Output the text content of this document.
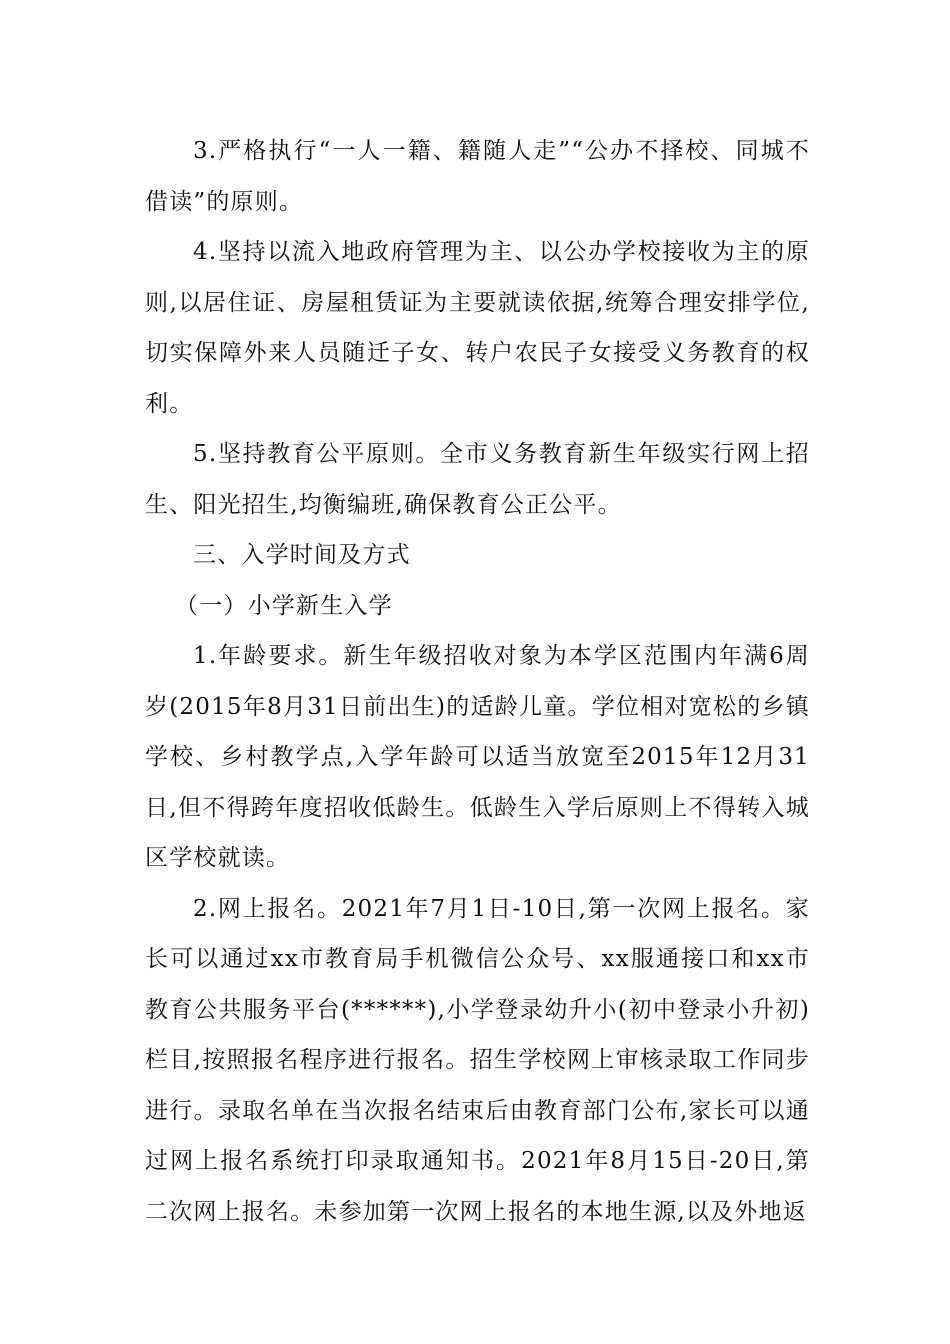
3.严格执行“一人一籍、籍随人走”“公办不择校、同城不借读”的原则。

4.坚持以流入地政府管理为主、以公办学校接收为主的原则,以居住证、房屋租赁证为主要就读依据,统筹合理安排学位,切实保障外来人员随迁子女、转户农民子女接受义务教育的权利。

5.坚持教育公平原则。全市义务教育新生年级实行网上招生、阳光招生,均衡编班,确保教育公正公平。

三、入学时间及方式

（一）小学新生入学

1.年龄要求。新生年级招收对象为本学区范围内年满6周岁(2015年8月31日前出生)的适龄儿童。学位相对宽松的乡镇学校、乡村教学点,入学年龄可以适当放宽至2015年12月31日,但不得跨年度招收低龄生。低龄生入学后原则上不得转入城区学校就读。

2.网上报名。2021年7月1日-10日,第一次网上报名。家长可以通过xx市教育局手机微信公众号、xx服通接口和xx市教育公共服务平台(******),小学登录幼升小(初中登录小升初)栏目,按照报名程序进行报名。招生学校网上审核录取工作同步进行。录取名单在当次报名结束后由教育部门公布,家长可以通过网上报名系统打印录取通知书。2021年8月15日-20日,第二次网上报名。未参加第一次网上报名的本地生源,以及外地返
